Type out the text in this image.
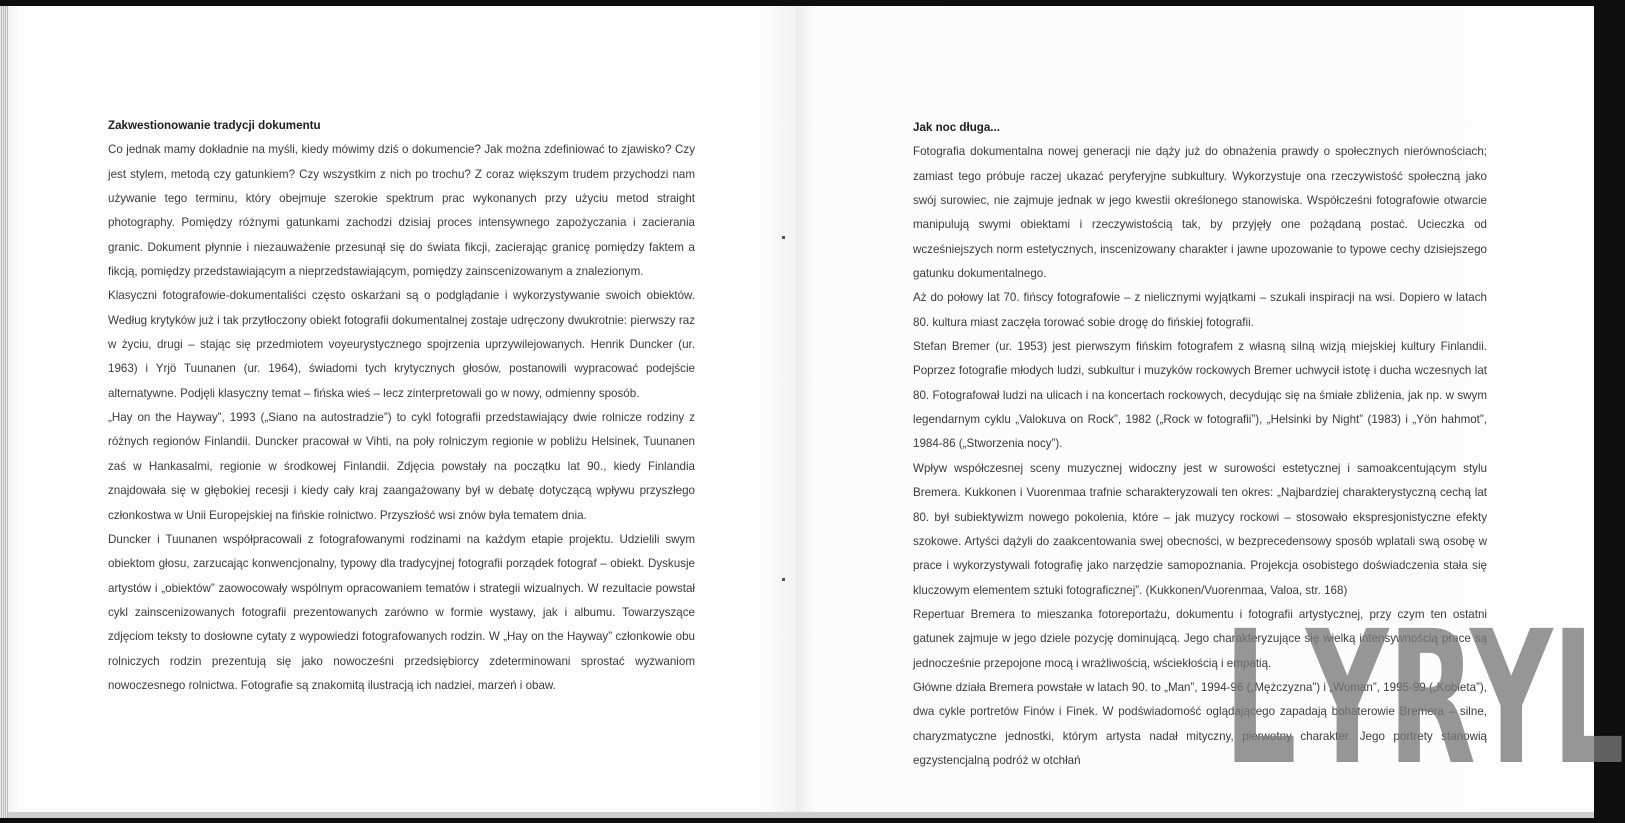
Zakwestionowanie tradycji dokumentu

Co jednak mamy dokładnie na myśli, kiedy mówimy dziś o dokumencie? Jak można zdefiniować to zjawisko? Czy jest stylem, metodą czy gatunkiem? Czy wszystkim z nich po trochu? Z coraz większym trudem przychodzi nam używanie tego terminu, który obejmuje szerokie spektrum prac wykonanych przy użyciu metod straight photography. Pomiędzy różnymi gatunkami zachodzi dzisiaj proces intensywnego zapożyczania i zacierania granic. Dokument płynnie i niezauważenie przesunął się do świata fikcji, zacierając granicę pomiędzy faktem a fikcją, pomiędzy przedstawiającym a nieprzedstawiającym, pomiędzy zainscenizowanym a znalezionym.

Klasyczni fotografowie-dokumentaliści często oskarżani są o podglądanie i wykorzystywanie swoich obiektów. Według krytyków już i tak przytłoczony obiekt fotografii dokumentalnej zostaje udręczony dwukrotnie: pierwszy raz w życiu, drugi – stając się przedmiotem voyeurystycznego spojrzenia uprzywilejowanych. Henrik Duncker (ur. 1963) i Yrjö Tuunanen (ur. 1964), świadomi tych krytycznych głosów, postanowili wypracować podejście alternatywne. Podjęli klasyczny temat – fińska wieś – lecz zinterpretowali go w nowy, odmienny sposób.

„Hay on the Hayway”, 1993 („Siano na autostradzie”) to cykl fotografii przedstawiający dwie rolnicze rodziny z różnych regionów Finlandii. Duncker pracował w Vihti, na poły rolniczym regionie w pobliżu Helsinek, Tuunanen zaś w Hankasalmi, regionie w środkowej Finlandii. Zdjęcia powstały na początku lat 90., kiedy Finlandia znajdowała się w głębokiej recesji i kiedy cały kraj zaangażowany był w debatę dotyczącą wpływu przyszłego członkostwa w Unii Europejskiej na fińskie rolnictwo. Przyszłość wsi znów była tematem dnia.

Duncker i Tuunanen współpracowali z fotografowanymi rodzinami na każdym etapie projektu. Udzielili swym obiektom głosu, zarzucając konwencjonalny, typowy dla tradycyjnej fotografii porządek fotograf – obiekt. Dyskusje artystów i „obiektów” zaowocowały wspólnym opracowaniem tematów i strategii wizualnych. W rezultacie powstał cykl zainscenizowanych fotografii prezentowanych zarówno w formie wystawy, jak i albumu. Towarzyszące zdjęciom teksty to dosłowne cytaty z wypowiedzi fotografowanych rodzin. W „Hay on the Hayway” członkowie obu rolniczych rodzin prezentują się jako nowocześni przedsiębiorcy zdeterminowani sprostać wyzwaniom nowoczesnego rolnictwa. Fotografie są znakomitą ilustracją ich nadziei, marzeń i obaw.

Jak noc długa...

Fotografia dokumentalna nowej generacji nie dąży już do obnażenia prawdy o społecznych nierównościach; zamiast tego próbuje raczej ukazać peryferyjne subkultury. Wykorzystuje ona rzeczywistość społeczną jako swój surowiec, nie zajmuje jednak w jego kwestii określonego stanowiska. Współcześni fotografowie otwarcie manipulują swymi obiektami i rzeczywistością tak, by przyjęły one pożądaną postać. Ucieczka od wcześniejszych norm estetycznych, inscenizowany charakter i jawne upozowanie to typowe cechy dzisiejszego gatunku dokumentalnego.

Aż do połowy lat 70. fińscy fotografowie – z nielicznymi wyjątkami – szukali inspiracji na wsi. Dopiero w latach 80. kultura miast zaczęła torować sobie drogę do fińskiej fotografii.

Stefan Bremer (ur. 1953) jest pierwszym fińskim fotografem z własną silną wizją miejskiej kultury Finlandii. Poprzez fotografie młodych ludzi, subkultur i muzyków rockowych Bremer uchwycił istotę i ducha wczesnych lat 80. Fotografował ludzi na ulicach i na koncertach rockowych, decydując się na śmiałe zbliżenia, jak np. w swym legendarnym cyklu „Valokuva on Rock”, 1982 („Rock w fotografii”), „Helsinki by Night” (1983) i „Yön hahmot”, 1984-86 („Stworzenia nocy”).

Wpływ współczesnej sceny muzycznej widoczny jest w surowości estetycznej i samoakcentującym stylu Bremera. Kukkonen i Vuorenmaa trafnie scharakteryzowali ten okres: „Najbardziej charakterystyczną cechą lat 80. był subiektywizm nowego pokolenia, które – jak muzycy rockowi – stosowało ekspresjonistyczne efekty szokowe. Artyści dążyli do zaakcentowania swej obecności, w bezprecedensowy sposób wplatali swą osobę w prace i wykorzystywali fotografię jako narzędzie samopoznania. Projekcja osobistego doświadczenia stała się kluczowym elementem sztuki fotograficznej”. (Kukkonen/Vuorenmaa, Valoa, str. 168)

Repertuar Bremera to mieszanka fotoreportażu, dokumentu i fotografii artystycznej, przy czym ten ostatni gatunek zajmuje w jego dziele pozycję dominującą. Jego charakteryzujące się wielką intensywnością prace są jednocześnie przepojone mocą i wrażliwością, wściekłością i empatią.

Główne działa Bremera powstałe w latach 90. to „Man”, 1994-96 („Mężczyzna”) i „Woman”, 1995-99 („Kobieta”), dwa cykle portretów Finów i Finek. W podświadomość oglądającego zapadają bohaterowie Bremera – silne, charyzmatyczne jednostki, którym artysta nadał mityczny, pierwotny charakter. Jego portrety stanowią egzystencjalną podróż w otchłań L Y R
Y L
